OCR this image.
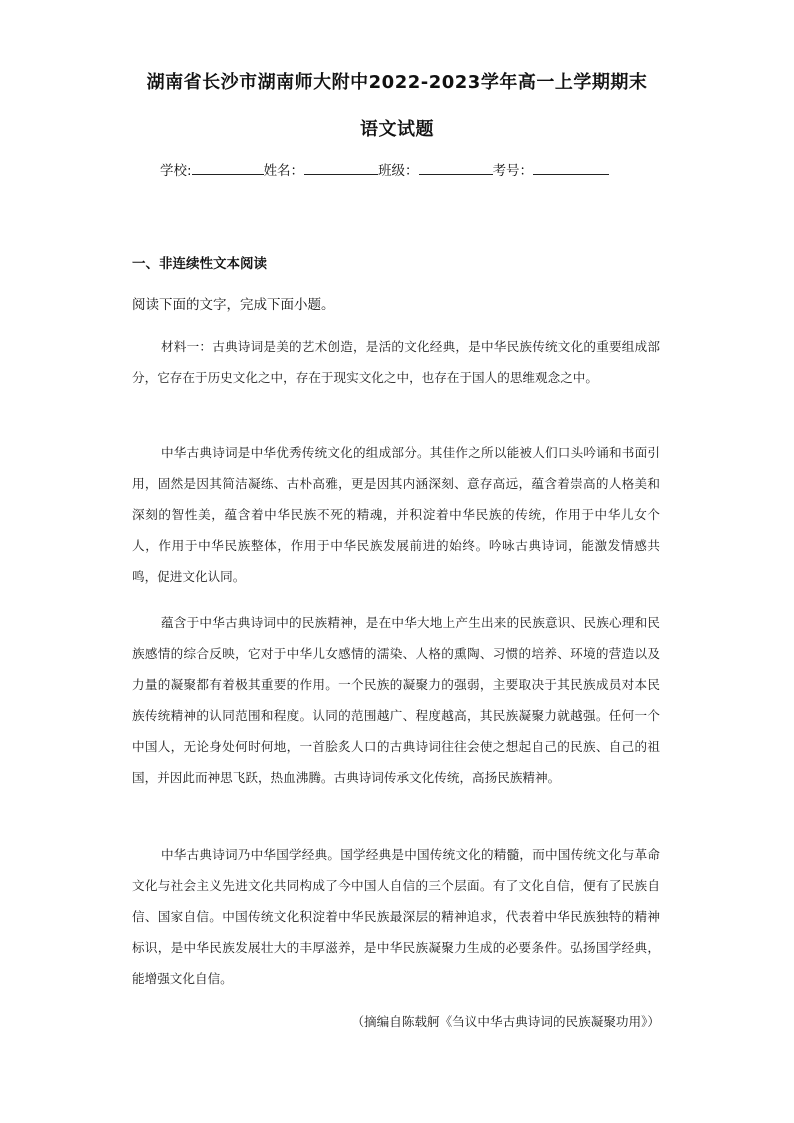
湖南省长沙市湖南师大附中2022-2023学年高一上学期期末
语文试题
学校:	姓名：	班级：	考号：
一、非连续性文本阅读
阅读下面的文字，完成下面小题。
材料一：古典诗词是美的艺术创造，是活的文化经典，是中华民族传统文化的重要组成部分，它存在于历史文化之中，存在于现实文化之中，也存在于国人的思维观念之中。
中华古典诗词是中华优秀传统文化的组成部分。其佳作之所以能被人们口头吟诵和书面引用，固然是因其简洁凝练、古朴高雅，更是因其内涵深刻、意存高远，蕴含着崇高的人格美和深刻的智性美，蕴含着中华民族不死的精魂，并积淀着中华民族的传统，作用于中华儿女个人，作用于中华民族整体，作用于中华民族发展前进的始终。吟咏古典诗词，能激发情感共鸣，促进文化认同。
蕴含于中华古典诗词中的民族精神，是在中华大地上产生出来的民族意识、民族心理和民族感情的综合反映，它对于中华儿女感情的濡染、人格的熏陶、习惯的培养、环境的营造以及力量的凝聚都有着极其重要的作用。一个民族的凝聚力的强弱，主要取决于其民族成员对本民族传统精神的认同范围和程度。认同的范围越广、程度越高，其民族凝聚力就越强。任何一个中国人，无论身处何时何地，一首脍炙人口的古典诗词往往会使之想起自己的民族、自己的祖国，并因此而神思飞跃，热血沸腾。古典诗词传承文化传统，高扬民族精神。
中华古典诗词乃中华国学经典。国学经典是中国传统文化的精髓，而中国传统文化与革命文化与社会主义先进文化共同构成了今中国人自信的三个层面。有了文化自信，便有了民族自信、国家自信。中国传统文化积淀着中华民族最深层的精神追求，代表着中华民族独特的精神标识，是中华民族发展壮大的丰厚滋养，是中华民族凝聚力生成的必要条件。弘扬国学经典，能增强文化自信。
（摘编自陈载舸《刍议中华古典诗词的民族凝聚功用》）
